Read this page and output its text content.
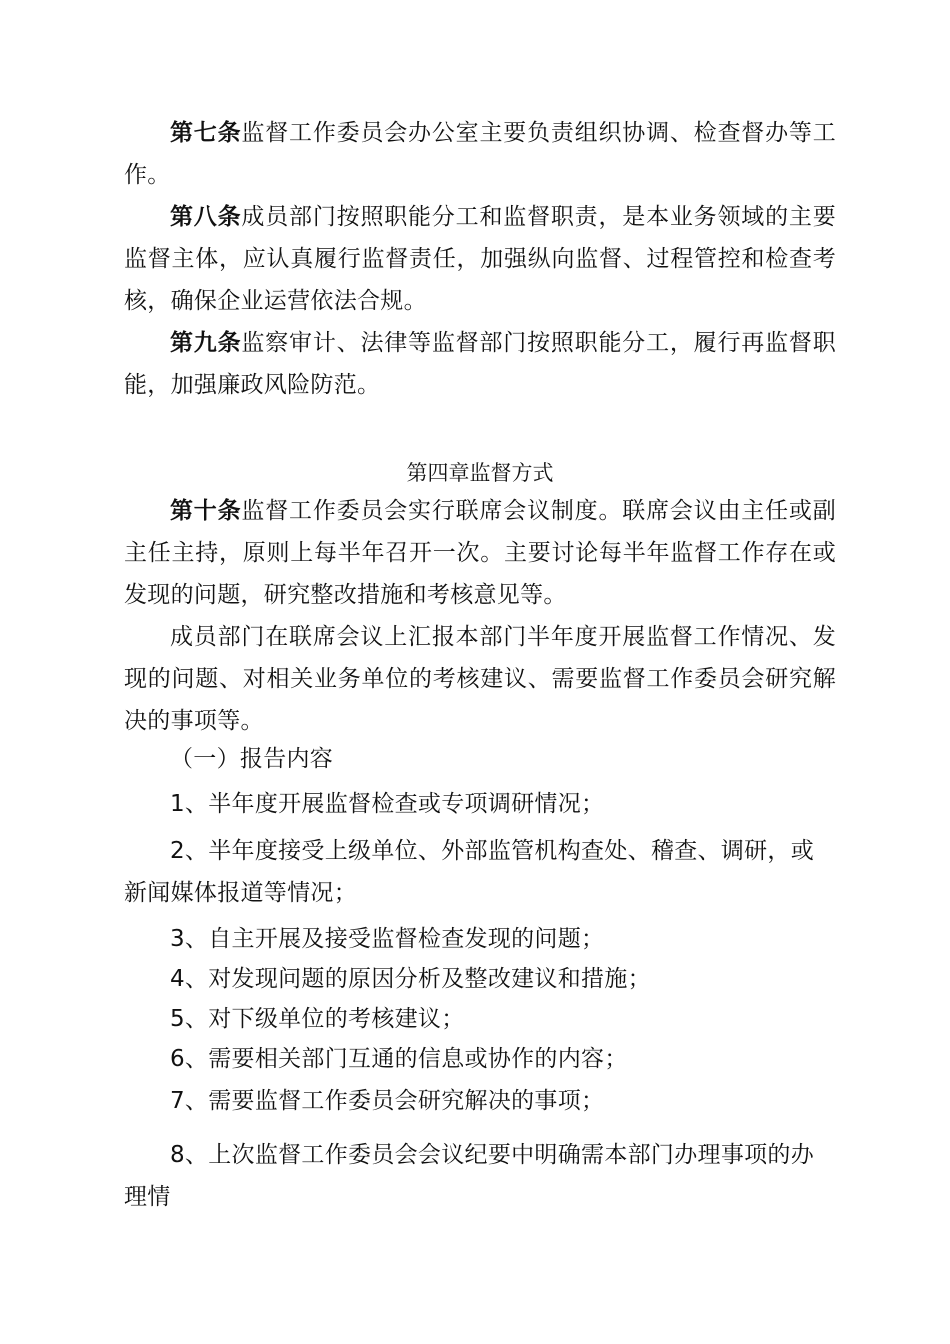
第七条监督工作委员会办公室主要负责组织协调、检查督办等工作。

第八条成员部门按照职能分工和监督职责，是本业务领域的主要监督主体，应认真履行监督责任，加强纵向监督、过程管控和检查考核，确保企业运营依法合规。

第九条监察审计、法律等监督部门按照职能分工，履行再监督职能，加强廉政风险防范。

第四章监督方式

第十条监督工作委员会实行联席会议制度。联席会议由主任或副主任主持，原则上每半年召开一次。主要讨论每半年监督工作存在或发现的问题，研究整改措施和考核意见等。

成员部门在联席会议上汇报本部门半年度开展监督工作情况、发现的问题、对相关业务单位的考核建议、需要监督工作委员会研究解决的事项等。

（一）报告内容

1、半年度开展监督检查或专项调研情况；

2、半年度接受上级单位、外部监管机构查处、稽查、调研，或新闻媒体报道等情况；

3、自主开展及接受监督检查发现的问题；

4、对发现问题的原因分析及整改建议和措施；

5、对下级单位的考核建议；

6、需要相关部门互通的信息或协作的内容；

7、需要监督工作委员会研究解决的事项；

8、上次监督工作委员会会议纪要中明确需本部门办理事项的办理情
